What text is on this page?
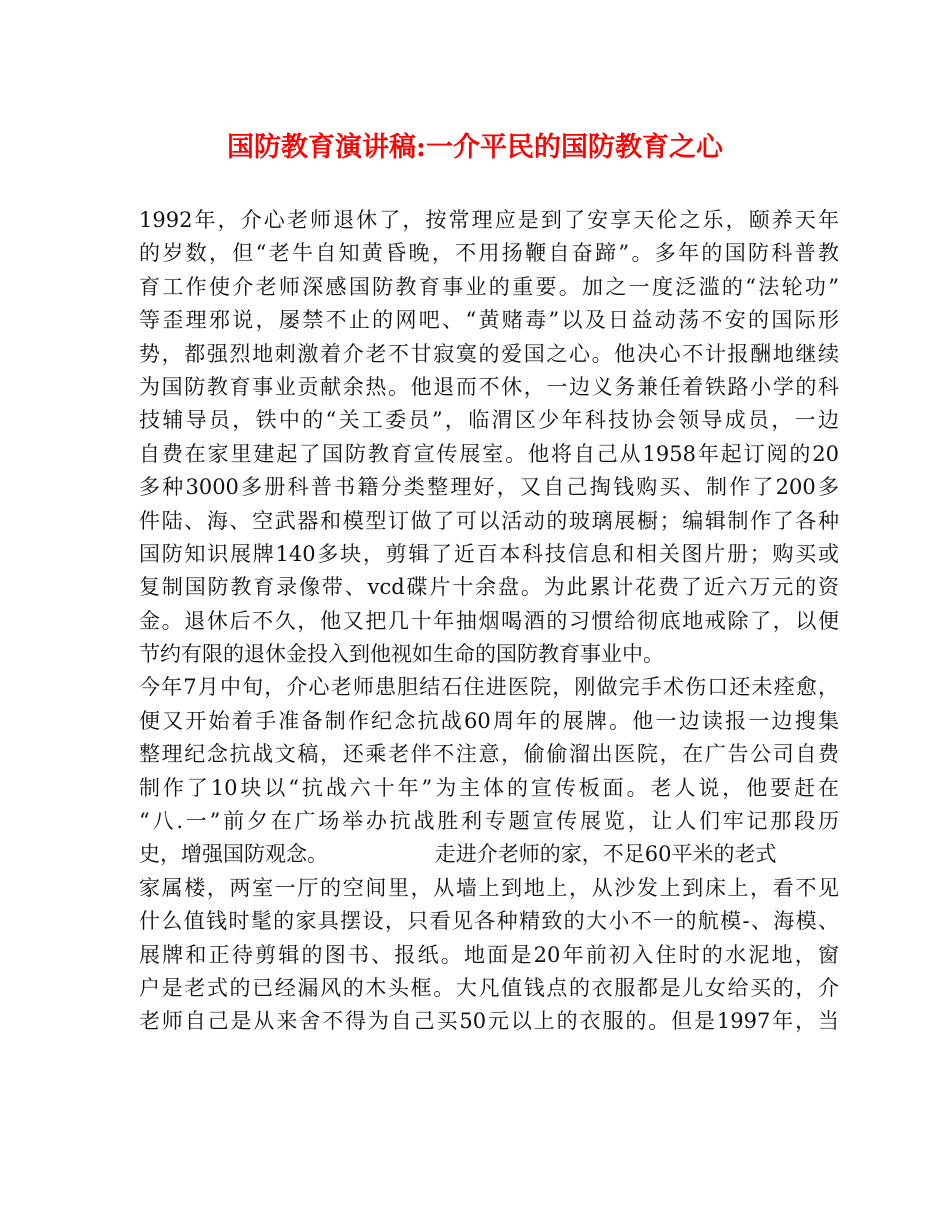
国防教育演讲稿:一介平民的国防教育之心
1992年，介心老师退休了，按常理应是到了安享天伦之乐，颐养天年
的岁数，但“老牛自知黄昏晚，不用扬鞭自奋蹄”。多年的国防科普教
育工作使介老师深感国防教育事业的重要。加之一度泛滥的“法轮功”
等歪理邪说，屡禁不止的网吧、“黄赌毒”以及日益动荡不安的国际形
势，都强烈地刺激着介老不甘寂寞的爱国之心。他决心不计报酬地继续
为国防教育事业贡献余热。他退而不休，一边义务兼任着铁路小学的科
技辅导员，铁中的“关工委员”，临渭区少年科技协会领导成员，一边
自费在家里建起了国防教育宣传展室。他将自己从1958年起订阅的20
多种3000多册科普书籍分类整理好，又自己掏钱购买、制作了200多
件陆、海、空武器和模型订做了可以活动的玻璃展橱；编辑制作了各种
国防知识展牌140多块，剪辑了近百本科技信息和相关图片册；购买或
复制国防教育录像带、vcd碟片十余盘。为此累计花费了近六万元的资
金。退休后不久，他又把几十年抽烟喝酒的习惯给彻底地戒除了，以便
节约有限的退休金投入到他视如生命的国防教育事业中。
今年7月中旬，介心老师患胆结石住进医院，刚做完手术伤口还未痊愈，
便又开始着手准备制作纪念抗战60周年的展牌。他一边读报一边搜集
整理纪念抗战文稿，还乘老伴不注意，偷偷溜出医院，在广告公司自费
制作了10块以“抗战六十年”为主体的宣传板面。老人说，他要赶在
“八.一”前夕在广场举办抗战胜利专题宣传展览，让人们牢记那段历
史，增强国防观念。                走进介老师的家，不足60平米的老式
家属楼，两室一厅的空间里，从墙上到地上，从沙发上到床上，看不见
什么值钱时髦的家具摆设，只看见各种精致的大小不一的航模-、海模、
展牌和正待剪辑的图书、报纸。地面是20年前初入住时的水泥地，窗
户是老式的已经漏风的木头框。大凡值钱点的衣服都是儿女给买的，介
老师自己是从来舍不得为自己买50元以上的衣服的。但是1997年，当
